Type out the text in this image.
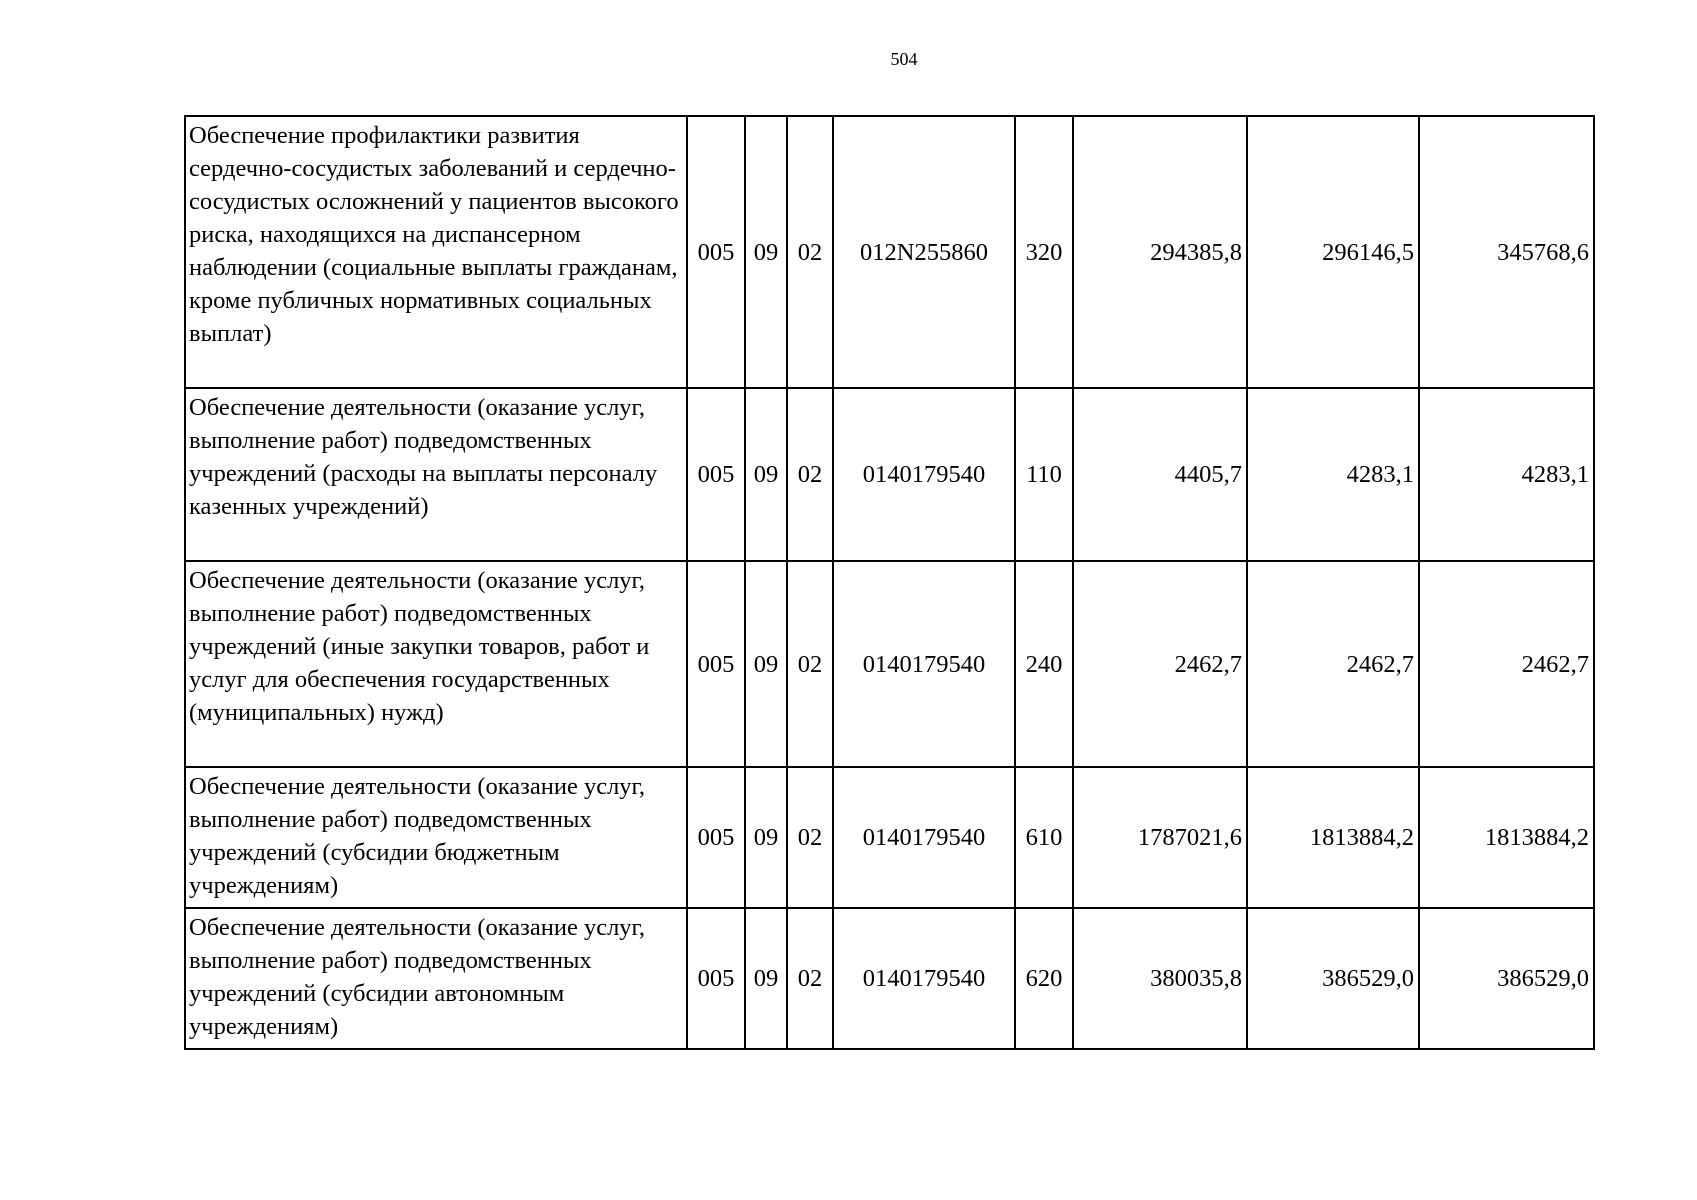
504
Обеспечение профилактики развития сердечно-сосудистых заболеваний и сердечно-сосудистых осложнений у пациентов высокого риска, находящихся на диспансерном наблюдении (социальные выплаты гражданам, кроме публичных нормативных социальных выплат)	005	09	02	012N255860	320	294385,8	296146,5	345768,6
Обеспечение деятельности (оказание услуг, выполнение работ) подведомственных учреждений (расходы на выплаты персоналу казенных учреждений)	005	09	02	0140179540	110	4405,7	4283,1	4283,1
Обеспечение деятельности (оказание услуг, выполнение работ) подведомственных учреждений (иные закупки товаров, работ и услуг для обеспечения государственных (муниципальных) нужд)	005	09	02	0140179540	240	2462,7	2462,7	2462,7
Обеспечение деятельности (оказание услуг, выполнение работ) подведомственных учреждений (субсидии бюджетным учреждениям)	005	09	02	0140179540	610	1787021,6	1813884,2	1813884,2
Обеспечение деятельности (оказание услуг, выполнение работ) подведомственных учреждений (субсидии автономным учреждениям)	005	09	02	0140179540	620	380035,8	386529,0	386529,0
